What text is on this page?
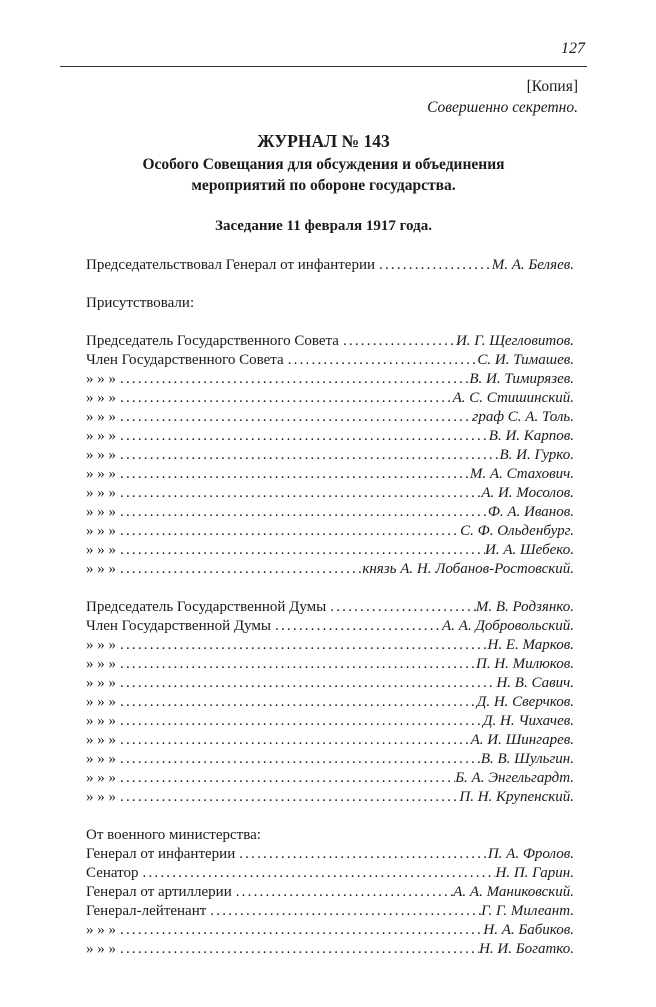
127
[Копия]
Совершенно секретно.
ЖУРНАЛ № 143
Особого Совещания для обсуждения и объединения
мероприятий по обороне государства.
Заседание 11 февраля 1917 года.
Председательствовал Генерал от инфантерии .....	М. А. Беляев.
Присутствовали:
Председатель Государственного Совета .....	И. Г. Щегловитов.
Член Государственного Совета .....	С. И. Тимашев.
» » » .....	В. И. Тимирязев.
» » » .....	А. С. Стишинский.
» » » .....	граф С. А. Толь.
» » » .....	В. И. Карпов.
» » » .....	В. И. Гурко.
» » » .....	М. А. Стахович.
» » » .....	А. И. Мосолов.
» » » .....	Ф. А. Иванов.
» » » .....	С. Ф. Ольденбург.
» » » .....	И. А. Шебеко.
» » » .....	князь А. Н. Лобанов-Ростовский.
Председатель Государственной Думы .....	М. В. Родзянко.
Член Государственной Думы .....	А. А. Добровольский.
» » » .....	Н. Е. Марков.
» » » .....	П. Н. Милюков.
» » » .....	Н. В. Савич.
» » » .....	Д. Н. Сверчков.
» » » .....	Д. Н. Чихачев.
» » » .....	А. И. Шингарев.
» » » .....	В. В. Шульгин.
» » » .....	Б. А. Энгельгардт.
» » » .....	П. Н. Крупенский.
От военного министерства:
Генерал от инфантерии .....	П. А. Фролов.
Сенатор .....	Н. П. Гарин.
Генерал от артиллерии .....	А. А. Маниковский.
Генерал-лейтенант .....	Г. Г. Милеант.
» » » .....	Н. А. Бабиков.
» » » .....	Н. И. Богатко.
